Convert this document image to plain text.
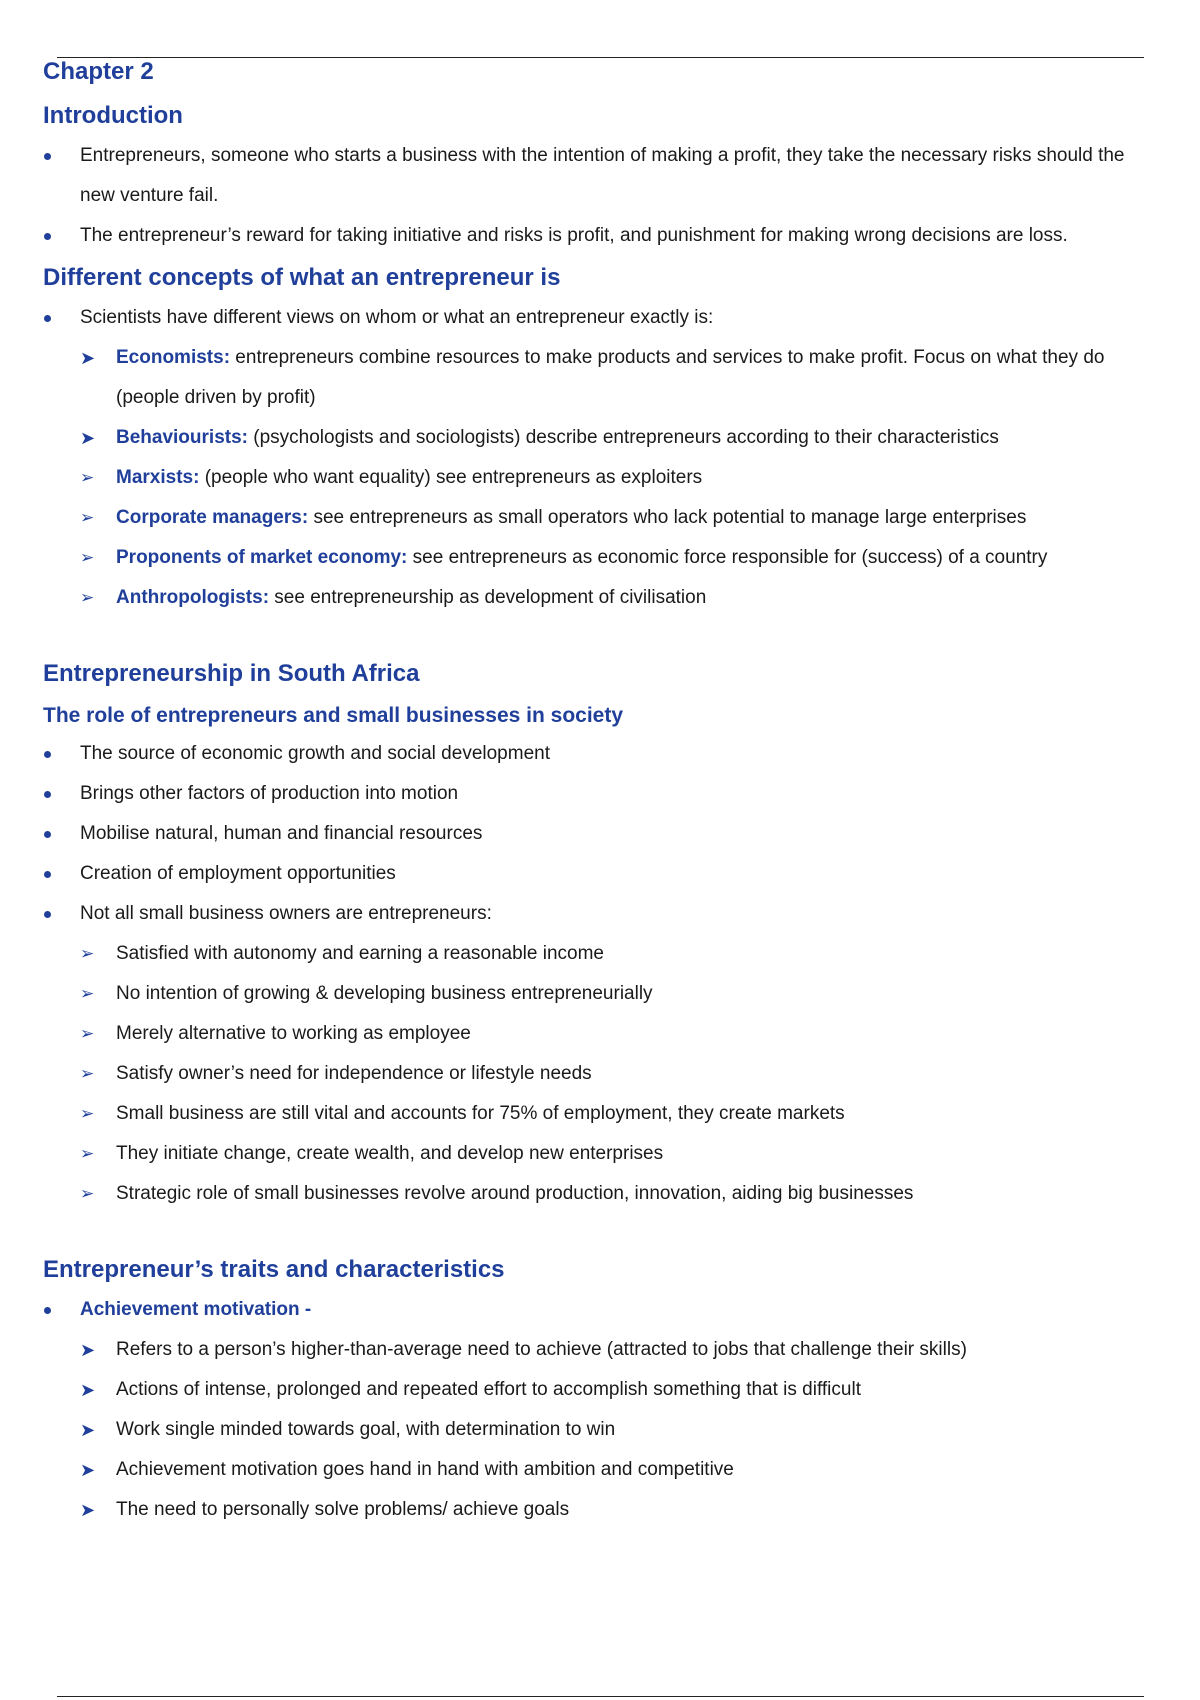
Chapter 2
Introduction
Entrepreneurs, someone who starts a business with the intention of making a profit, they take the necessary risks should the new venture fail.
The entrepreneur’s reward for taking initiative and risks is profit, and punishment for making wrong decisions are loss.
Different concepts of what an entrepreneur is
Scientists have different views on whom or what an entrepreneur exactly is:
➤ Economists: entrepreneurs combine resources to make products and services to make profit. Focus on what they do (people driven by profit)
➤ Behaviourists: (psychologists and sociologists) describe entrepreneurs according to their characteristics
➢ Marxists: (people who want equality) see entrepreneurs as exploiters
➢ Corporate managers: see entrepreneurs as small operators who lack potential to manage large enterprises
➢ Proponents of market economy: see entrepreneurs as economic force responsible for (success) of a country
➢ Anthropologists: see entrepreneurship as development of civilisation
Entrepreneurship in South Africa
The role of entrepreneurs and small businesses in society
The source of economic growth and social development
Brings other factors of production into motion
Mobilise natural, human and financial resources
Creation of employment opportunities
Not all small business owners are entrepreneurs:
➢ Satisfied with autonomy and earning a reasonable income
➢ No intention of growing & developing business entrepreneurially
➢ Merely alternative to working as employee
➢ Satisfy owner’s need for independence or lifestyle needs
➢ Small business are still vital and accounts for 75% of employment, they create markets
➢ They initiate change, create wealth, and develop new enterprises
➢ Strategic role of small businesses revolve around production, innovation, aiding big businesses
Entrepreneur’s traits and characteristics
Achievement motivation -
➤ Refers to a person’s higher-than-average need to achieve (attracted to jobs that challenge their skills)
➤ Actions of intense, prolonged and repeated effort to accomplish something that is difficult
➤ Work single minded towards goal, with determination to win
➤ Achievement motivation goes hand in hand with ambition and competitive
➤ The need to personally solve problems/ achieve goals
